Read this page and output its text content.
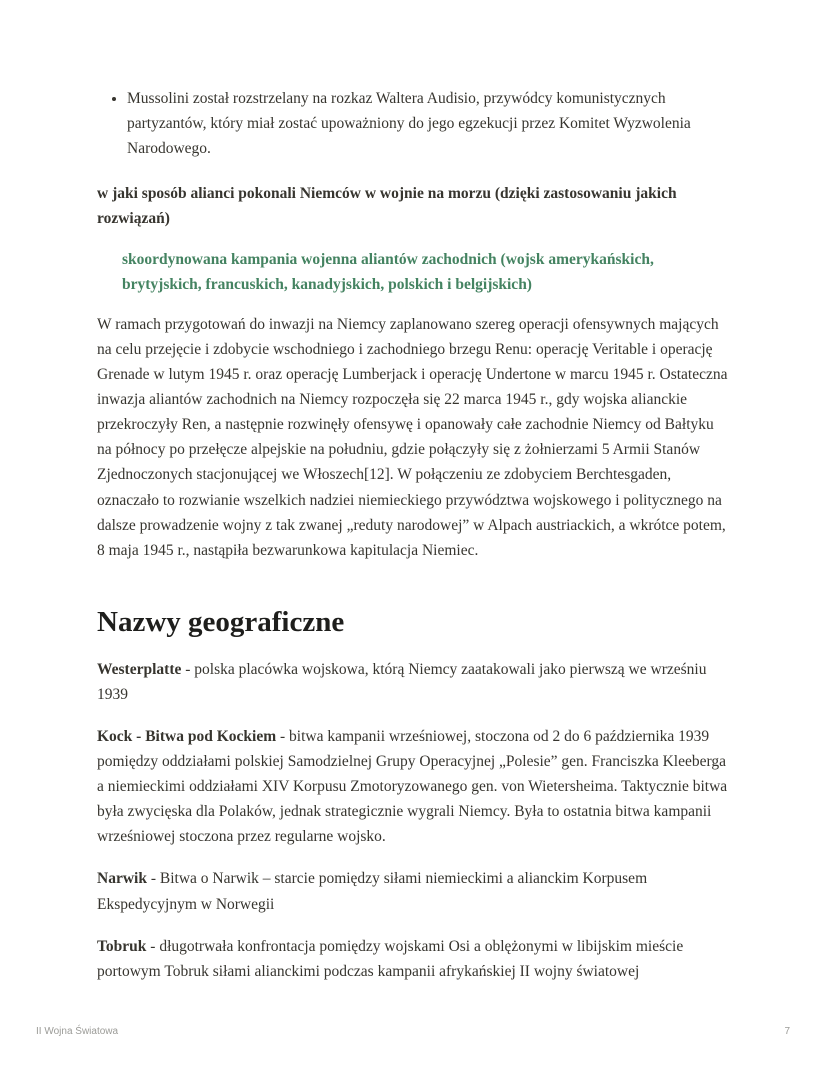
• Mussolini został rozstrzelany na rozkaz Waltera Audisio, przywódcy komunistycznych partyzantów, który miał zostać upoważniony do jego egzekucji przez Komitet Wyzwolenia Narodowego.

w jaki sposób alianci pokonali Niemców w wojnie na morzu (dzięki zastosowaniu jakich rozwiązań)

skoordynowana kampania wojenna aliantów zachodnich (wojsk amerykańskich, brytyjskich, francuskich, kanadyjskich, polskich i belgijskich)

W ramach przygotowań do inwazji na Niemcy zaplanowano szereg operacji ofensywnych mających na celu przejęcie i zdobycie wschodniego i zachodniego brzegu Renu: operację Veritable i operację Grenade w lutym 1945 r. oraz operację Lumberjack i operację Undertone w marcu 1945 r. Ostateczna inwazja aliantów zachodnich na Niemcy rozpoczęła się 22 marca 1945 r., gdy wojska alianckie przekroczyły Ren, a następnie rozwinęły ofensywę i opanowały całe zachodnie Niemcy od Bałtyku na północy po przełęcze alpejskie na południu, gdzie połączyły się z żołnierzami 5 Armii Stanów Zjednoczonych stacjonującej we Włoszech[12]. W połączeniu ze zdobyciem Berchtesgaden, oznaczało to rozwianie wszelkich nadziei niemieckiego przywództwa wojskowego i politycznego na dalsze prowadzenie wojny z tak zwanej „reduty narodowej” w Alpach austriackich, a wkrótce potem, 8 maja 1945 r., nastąpiła bezwarunkowa kapitulacja Niemiec.

Nazwy geograficzne

Westerplatte - polska placówka wojskowa, którą Niemcy zaatakowali jako pierwszą we wrześniu 1939

Kock - Bitwa pod Kockiem - bitwa kampanii wrześniowej, stoczona od 2 do 6 października 1939 pomiędzy oddziałami polskiej Samodzielnej Grupy Operacyjnej „Polesie” gen. Franciszka Kleeberga a niemieckimi oddziałami XIV Korpusu Zmotoryzowanego gen. von Wietersheima. Taktycznie bitwa była zwycięska dla Polaków, jednak strategicznie wygrali Niemcy. Była to ostatnia bitwa kampanii wrześniowej stoczona przez regularne wojsko.

Narwik - Bitwa o Narwik – starcie pomiędzy siłami niemieckimi a alianckim Korpusem Ekspedycyjnym w Norwegii

Tobruk - długotrwała konfrontacja pomiędzy wojskami Osi a oblężonymi w libijskim mieście portowym Tobruk siłami alianckimi podczas kampanii afrykańskiej II wojny światowej

II Wojna Światowa	7
